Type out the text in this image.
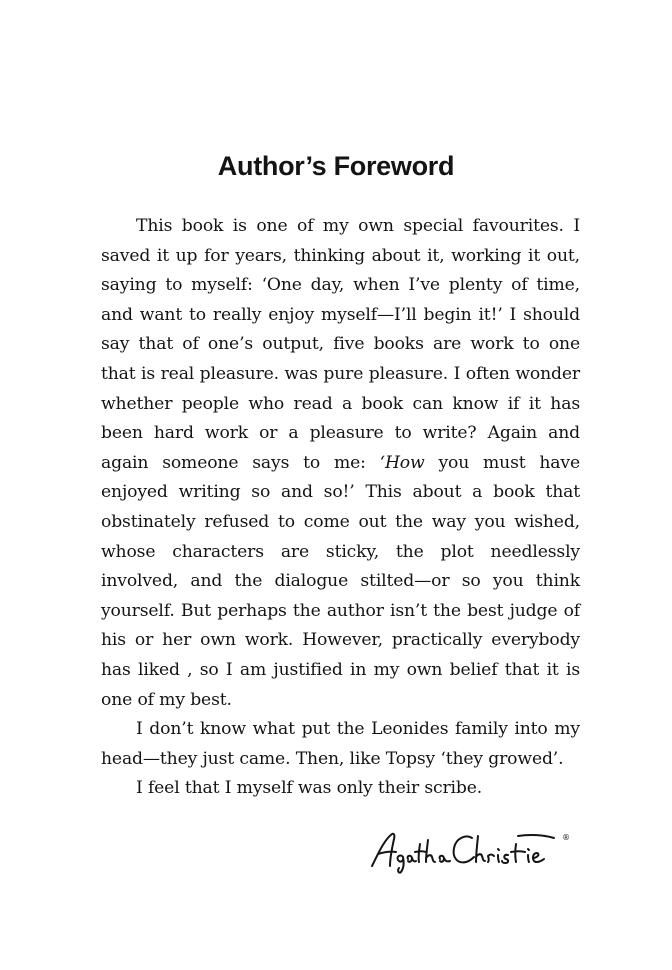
Author’s Foreword

This book is one of my own special favourites. I saved it up for years, thinking about it, working it out, saying to myself: ‘One day, when I’ve plenty of time, and want to really enjoy myself—I’ll begin it!’ I should say that of one’s output, five books are work to one that is real pleasure. was pure pleasure. I often wonder whether people who read a book can know if it has been hard work or a pleasure to write? Again and again someone says to me: ‘How you must have enjoyed writing so and so!’ This about a book that obstinately refused to come out the way you wished, whose characters are sticky, the plot needlessly involved, and the dialogue stilted—or so you think yourself. But perhaps the author isn’t the best judge of his or her own work. However, practically everybody has liked , so I am justified in my own belief that it is one of my best.

I don’t know what put the Leonides family into my head—they just came. Then, like Topsy ‘they growed’.

I feel that I myself was only their scribe.

®
